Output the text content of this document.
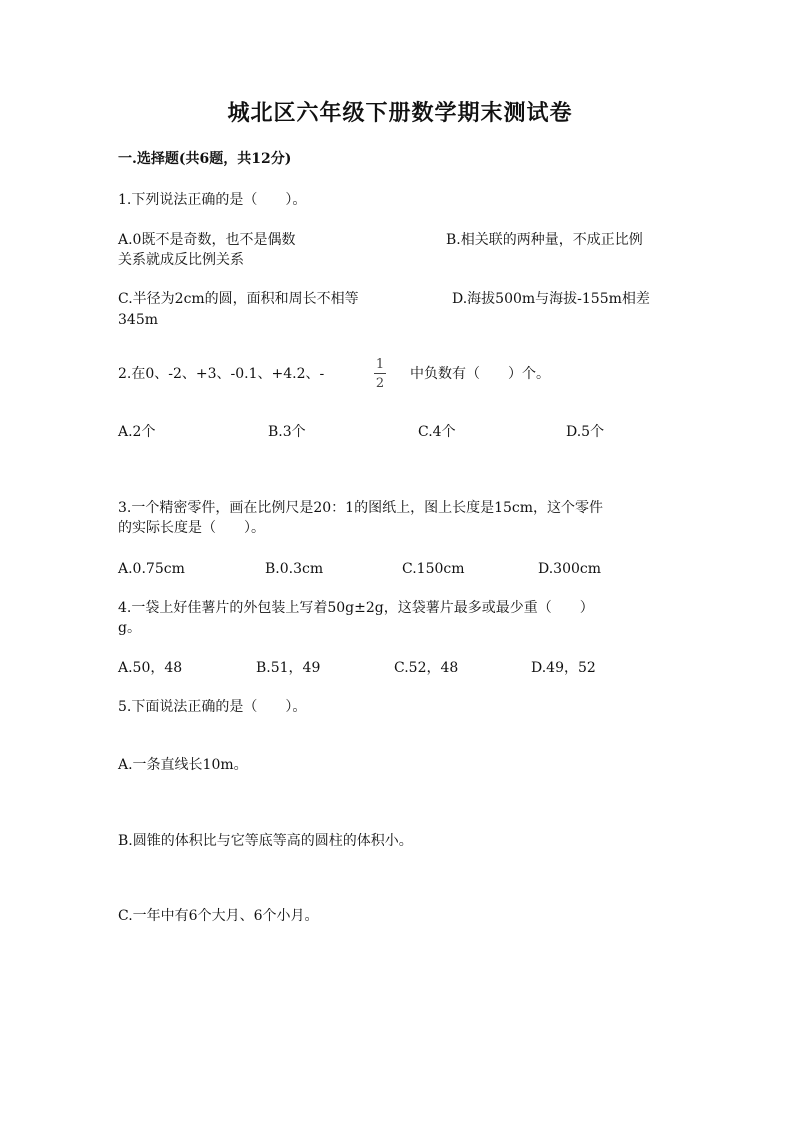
城北区六年级下册数学期末测试卷
一.选择题(共6题，共12分)
1.下列说法正确的是（　　）。
A.0既不是奇数，也不是偶数	B.相关联的两种量，不成正比例
关系就成反比例关系
C.半径为2cm的圆，面积和周长不相等	D.海拔500m与海拔-155m相差
345m
2.在0、-2、+3、-0.1、+4.2、-
1
2
中负数有（　　）个。
A.2个	B.3个	C.4个	D.5个
3.一个精密零件，画在比例尺是20：1的图纸上，图上长度是15cm，这个零件
的实际长度是（　　）。
A.0.75cm	B.0.3cm	C.150cm	D.300cm
4.一袋上好佳薯片的外包装上写着50g±2g，这袋薯片最多或最少重（　　）
g。
A.50，48	B.51，49	C.52，48	D.49，52
5.下面说法正确的是（　　）。
A.一条直线长10m。
B.圆锥的体积比与它等底等高的圆柱的体积小。
C.一年中有6个大月、6个小月。
